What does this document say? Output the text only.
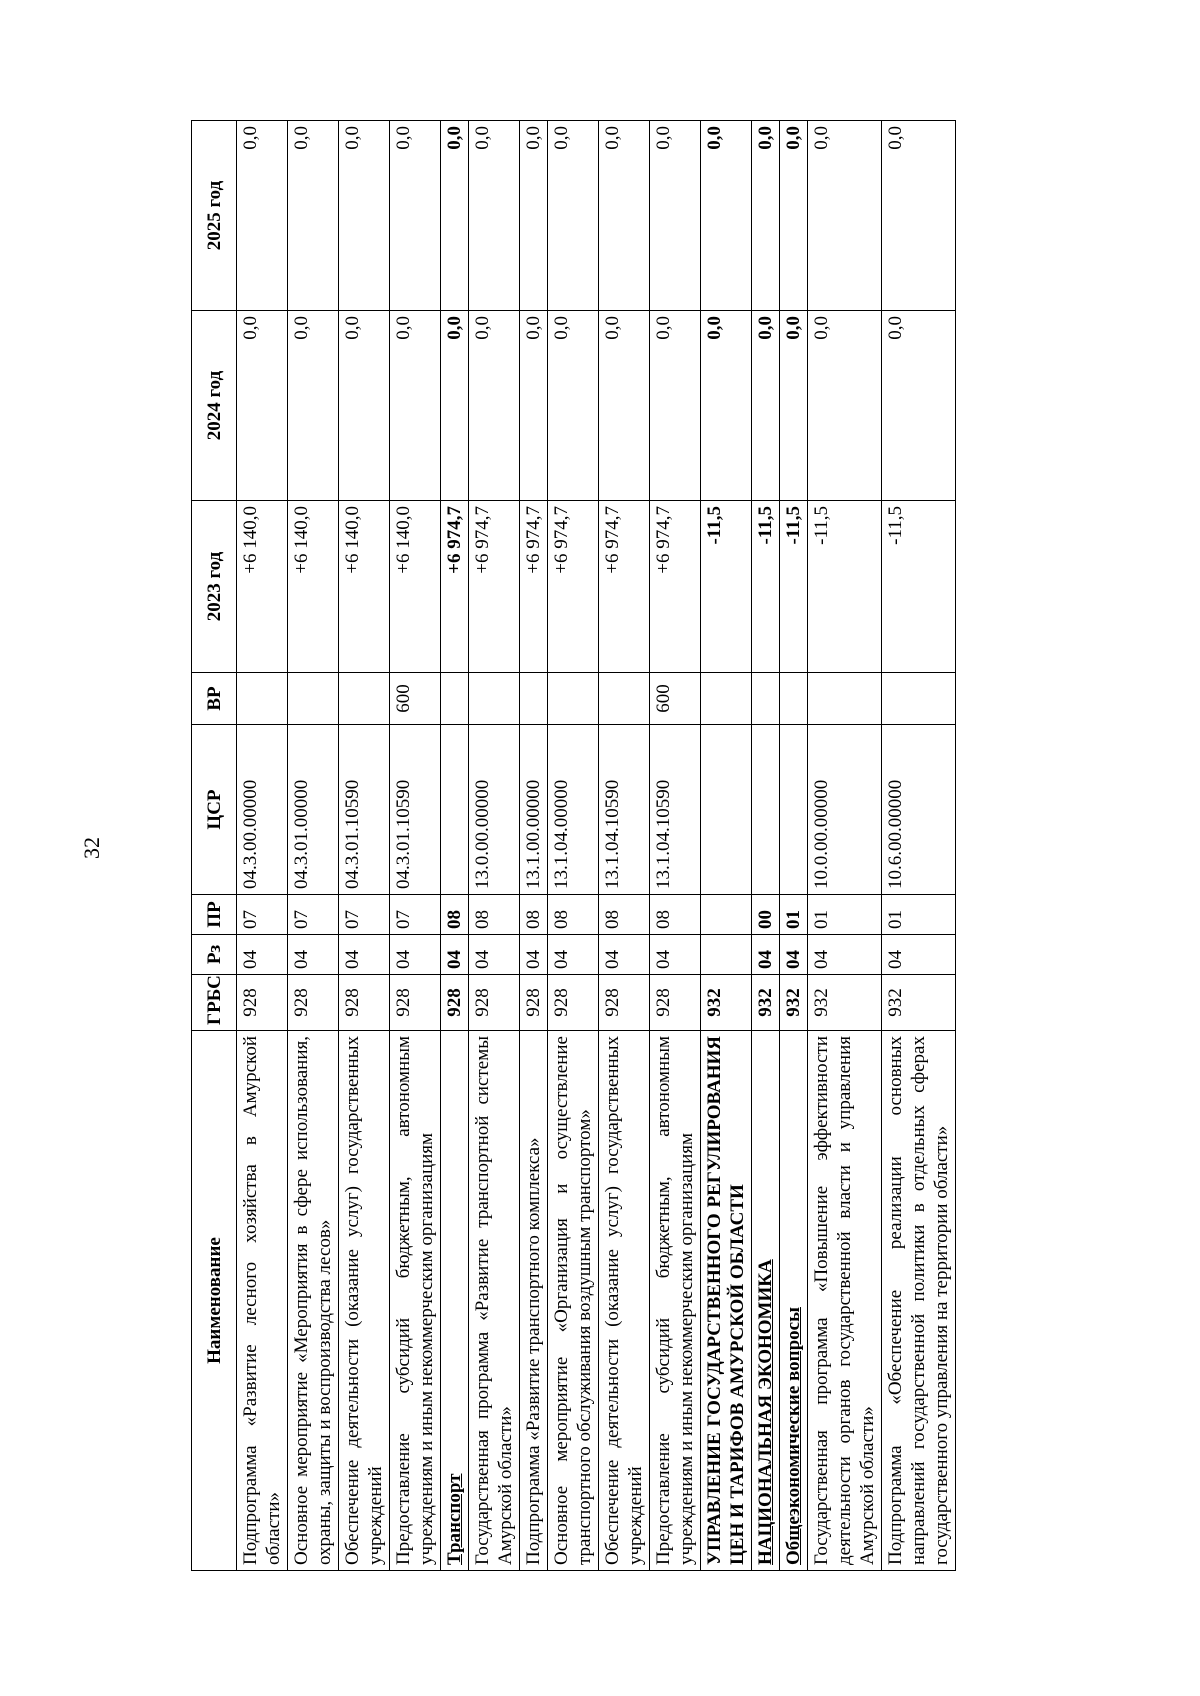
32
Наименование	ГРБС	Рз	ПР	ЦСР	ВР	2023 год	2024 год	2025 год
Подпрограмма «Развитие лесного хозяйства в Амурской области»	928	04	07	04.3.00.00000		+6 140,0	0,0	0,0
Основное мероприятие «Мероприятия в сфере использования, охраны, защиты и воспроизводства лесов»	928	04	07	04.3.01.00000		+6 140,0	0,0	0,0
Обеспечение деятельности (оказание услуг) государственных учреждений	928	04	07	04.3.01.10590		+6 140,0	0,0	0,0
Предоставление субсидий бюджетным, автономным учреждениям и иным некоммерческим организациям	928	04	07	04.3.01.10590	600	+6 140,0	0,0	0,0
Транспорт	928	04	08			+6 974,7	0,0	0,0
Государственная программа «Развитие транспортной системы Амурской области»	928	04	08	13.0.00.00000		+6 974,7	0,0	0,0
Подпрограмма «Развитие транспортного комплекса»	928	04	08	13.1.00.00000		+6 974,7	0,0	0,0
Основное мероприятие «Организация и осуществление транспортного обслуживания воздушным транспортом»	928	04	08	13.1.04.00000		+6 974,7	0,0	0,0
Обеспечение деятельности (оказание услуг) государственных учреждений	928	04	08	13.1.04.10590		+6 974,7	0,0	0,0
Предоставление субсидий бюджетным, автономным учреждениям и иным некоммерческим организациям	928	04	08	13.1.04.10590	600	+6 974,7	0,0	0,0
УПРАВЛЕНИЕ ГОСУДАРСТВЕННОГО РЕГУЛИРОВАНИЯ ЦЕН И ТАРИФОВ АМУРСКОЙ ОБЛАСТИ	932					-11,5	0,0	0,0
НАЦИОНАЛЬНАЯ ЭКОНОМИКА	932	04	00			-11,5	0,0	0,0
Общеэкономические вопросы	932	04	01			-11,5	0,0	0,0
Государственная программа «Повышение эффективности деятельности органов государственной власти и управления Амурской области»	932	04	01	10.0.00.00000		-11,5	0,0	0,0
Подпрограмма «Обеспечение реализации основных направлений государственной политики в отдельных сферах государственного управления на территории области»	932	04	01	10.6.00.00000		-11,5	0,0	0,0
